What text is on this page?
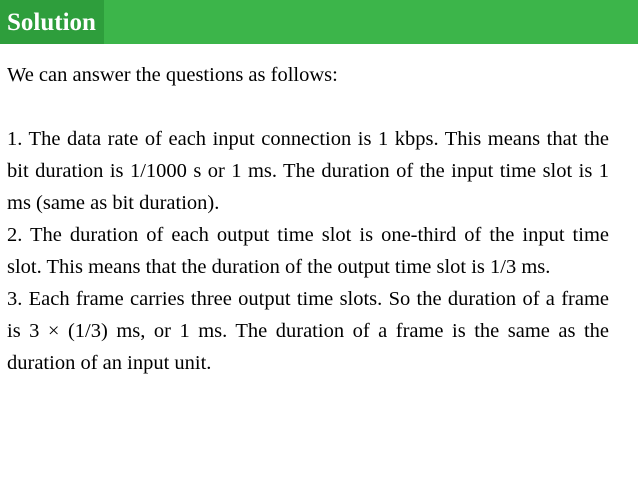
Solution

We can answer the questions as follows:

1. The data rate of each input connection is 1 kbps. This means that the bit duration is 1/1000 s or 1 ms. The duration of the input time slot is 1 ms (same as bit duration).

2. The duration of each output time slot is one-third of the input time slot. This means that the duration of the output time slot is 1/3 ms.

3. Each frame carries three output time slots. So the duration of a frame is 3 × (1/3) ms, or 1 ms. The duration of a frame is the same as the duration of an input unit.
